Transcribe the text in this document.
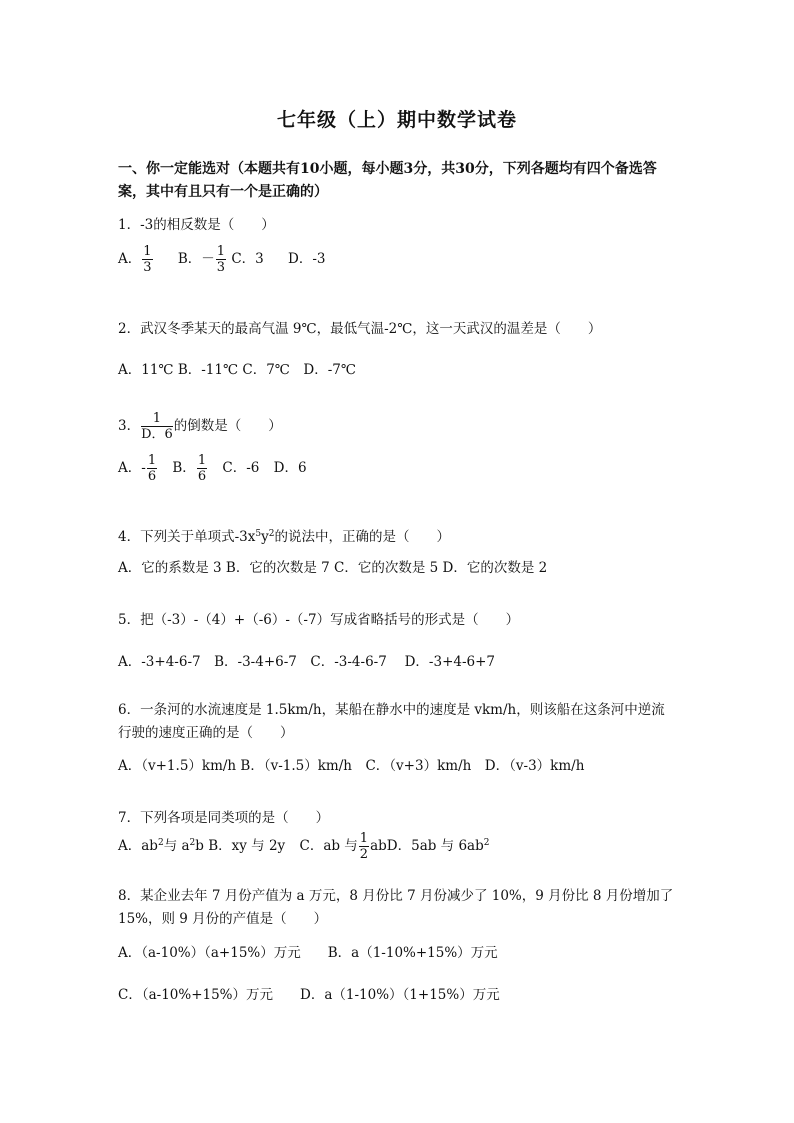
七年级（上）期中数学试卷
一、你一定能选对（本题共有10小题，每小题3分，共30分，下列各题均有四个备选答案，其中有且只有一个是正确的）
1．-3的相反数是（　　）
A． $\frac{1}{3}$ B．－ $\frac{1}{3}$ C．3 D．-3
2．武汉冬季某天的最高气温 9℃，最低气温-2℃，这一天武汉的温差是（　　）
A．11℃ B．-11℃ C．7℃　D．-7℃
3． $\frac{1}{D.6}$ 的倒数是（　　）
A．- $\frac{1}{6}$ B． $\frac{1}{6}$ C．-6 D．6
4．下列关于单项式$-3x^5y^2$的说法中，正确的是（　　）
A．它的系数是 3 B．它的次数是 7 C．它的次数是 5 D．它的次数是 2
5．把（-3）-（4）+（-6）-（-7）写成省略括号的形式是（　　）
A．-3+4-6-7　B．-3-4+6-7　C．-3-4-6-7　 D．-3+4-6+7
6．一条河的水流速度是 1.5km/h，某船在静水中的速度是 vkm/h，则该船在这条河中逆流行驶的速度正确的是（　　）
A．（v+1.5）km/h B．（v-1.5）km/h　C．（v+3）km/h　D．（v-3）km/h
7．下列各项是同类项的是（　　）
A．$ab^2$与 $a^2b$ B．xy 与 2y C．ab 与 $\frac{1}{2}$ abD．5ab 与 $6ab^2$
8．某企业去年 7 月份产值为 a 万元，8 月份比 7 月份减少了 10%，9 月份比 8 月份增加了 15%，则 9 月份的产值是（　　）
A．（a-10%）（a+15%）万元　　B．a（1-10%+15%）万元
C．（a-10%+15%）万元　　D．a（1-10%）（1+15%）万元
